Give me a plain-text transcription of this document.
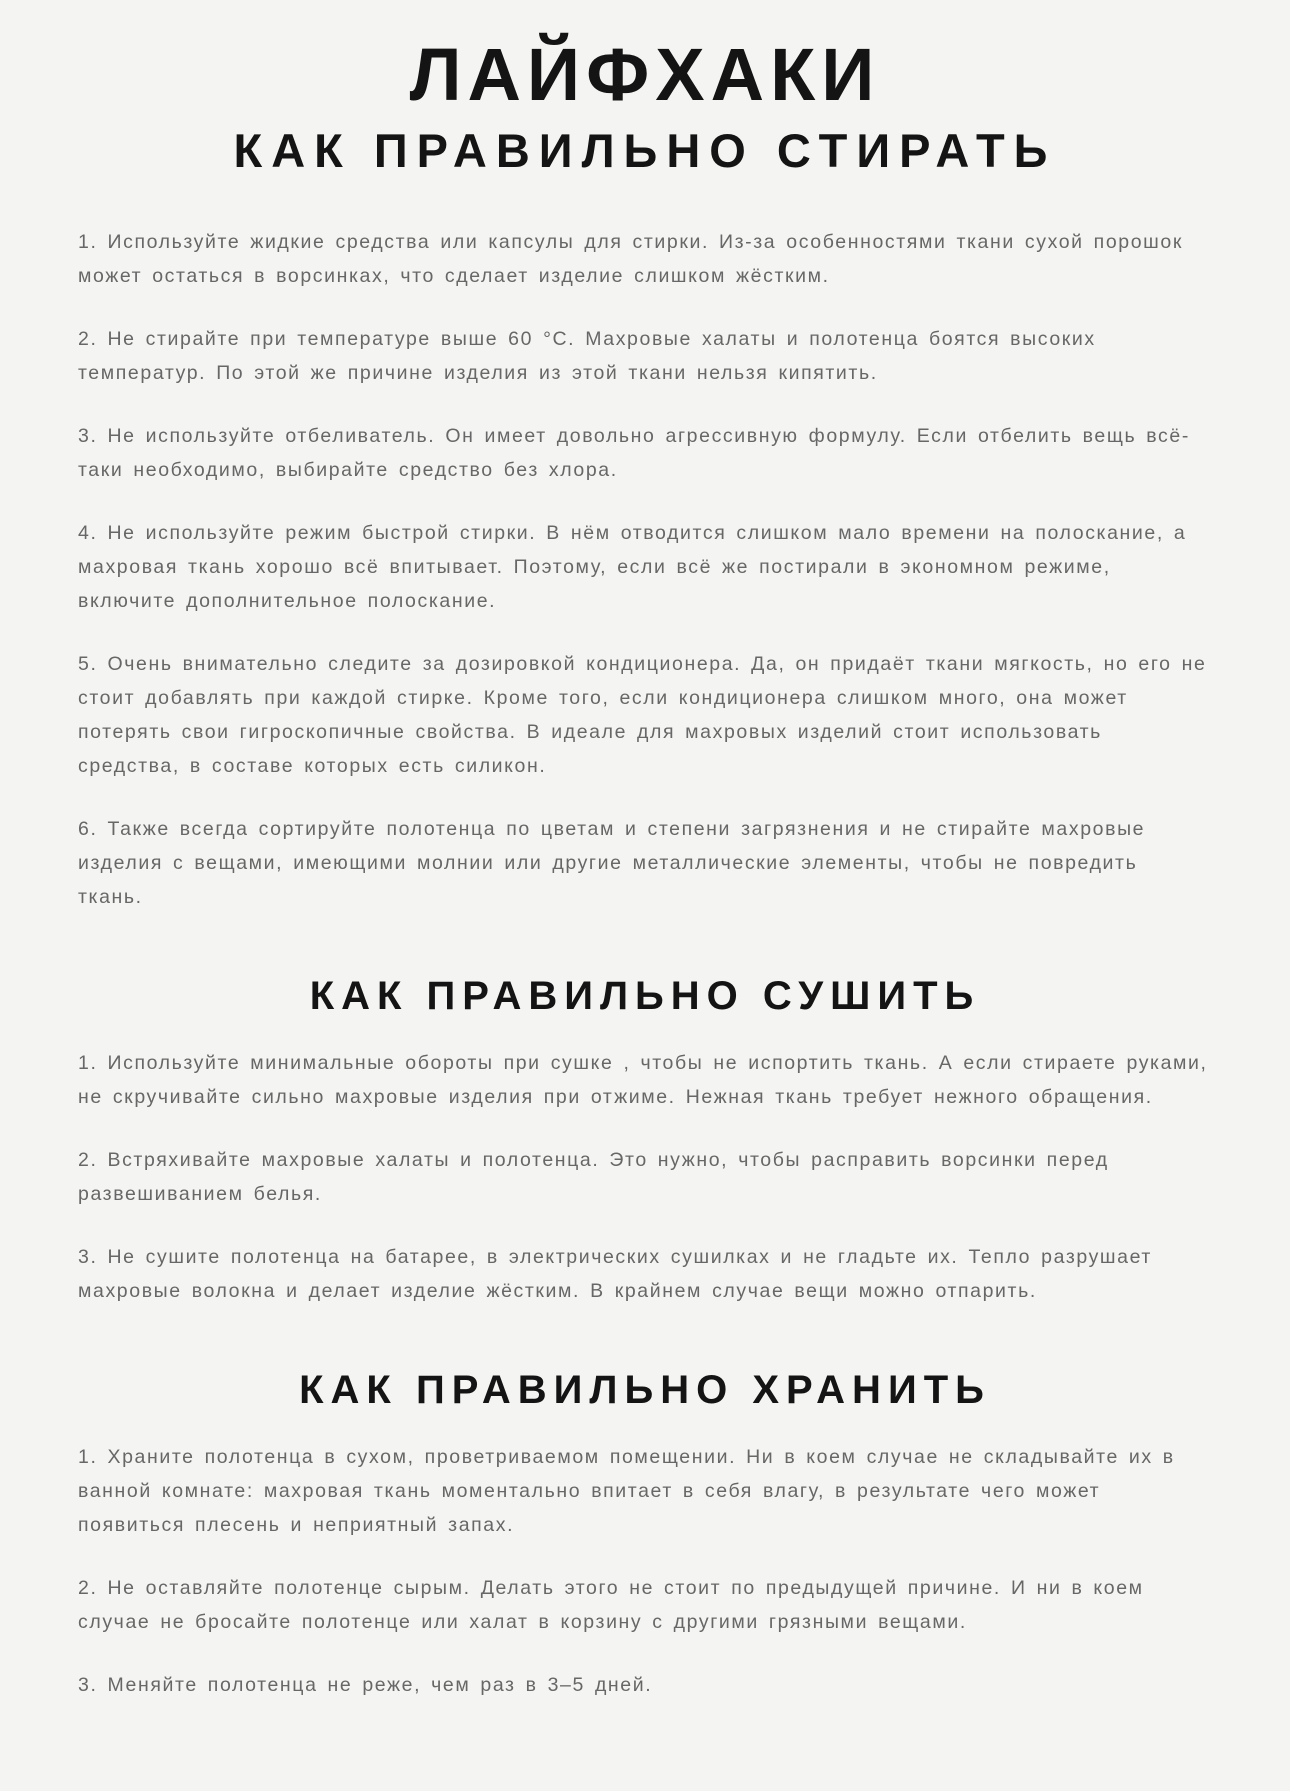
ЛАЙФХАКИ
КАК ПРАВИЛЬНО СТИРАТЬ

1. Используйте жидкие средства или капсулы для стирки. Из-за особенностями ткани сухой порошок может остаться в ворсинках, что сделает изделие слишком жёстким.

2. Не стирайте при температуре выше 60 °C. Махровые халаты и полотенца боятся высоких температур. По этой же причине изделия из этой ткани нельзя кипятить.

3. Не используйте отбеливатель. Он имеет довольно агрессивную формулу. Если отбелить вещь всё-таки необходимо, выбирайте средство без хлора.

4. Не используйте режим быстрой стирки. В нём отводится слишком мало времени на полоскание, а махровая ткань хорошо всё впитывает. Поэтому, если всё же постирали в экономном режиме, включите дополнительное полоскание.

5. Очень внимательно следите за дозировкой кондиционера. Да, он придаёт ткани мягкость, но его не стоит добавлять при каждой стирке. Кроме того, если кондиционера слишком много, она может потерять свои гигроскопичные свойства. В идеале для махровых изделий стоит использовать средства, в составе которых есть силикон.

6. Также всегда сортируйте полотенца по цветам и степени загрязнения и не стирайте махровые изделия с вещами, имеющими молнии или другие металлические элементы, чтобы не повредить ткань.

КАК ПРАВИЛЬНО СУШИТЬ

1. Используйте минимальные обороты при сушке , чтобы не испортить ткань. А если стираете руками, не скручивайте сильно махровые изделия при отжиме. Нежная ткань требует нежного обращения.

2. Встряхивайте махровые халаты и полотенца. Это нужно, чтобы расправить ворсинки перед развешиванием белья.

3. Не сушите полотенца на батарее, в электрических сушилках и не гладьте их. Тепло разрушает махровые волокна и делает изделие жёстким. В крайнем случае вещи можно отпарить.

КАК ПРАВИЛЬНО ХРАНИТЬ

1. Храните полотенца в сухом, проветриваемом помещении. Ни в коем случае не складывайте их в ванной комнате: махровая ткань моментально впитает в себя влагу, в результате чего может появиться плесень и неприятный запах.

2. Не оставляйте полотенце сырым. Делать этого не стоит по предыдущей причине. И ни в коем случае не бросайте полотенце или халат в корзину с другими грязными вещами.

3. Меняйте полотенца не реже, чем раз в 3–5 дней.
